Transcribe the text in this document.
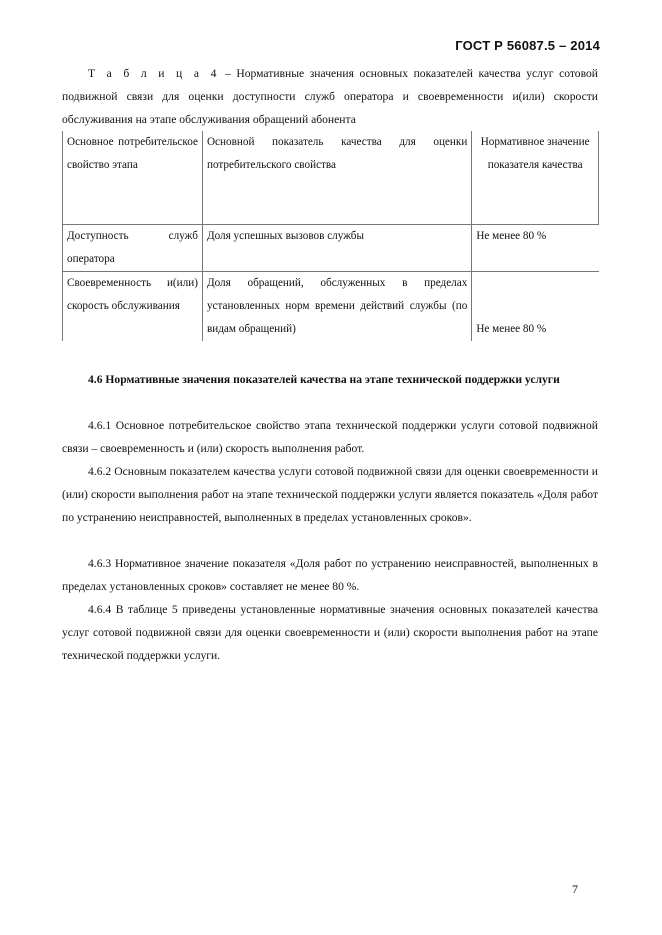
ГОСТ Р 56087.5 – 2014
Т а б л и ц а 4 – Нормативные значения основных показателей качества услуг сотовой подвижной связи для оценки доступности служб оператора и своевременности и(или) скорости обслуживания на этапе обслуживания обращений абонента
Основное потребительское свойство этапа	Основной показатель качества для оценки потребительского свойства	Нормативное значение показателя качества
Доступность служб оператора	Доля успешных вызовов службы	Не менее 80 %
Своевременность и(или) скорость обслуживания	Доля обращений, обслуженных в пределах установленных норм времени действий службы (по видам обращений)	Не менее 80 %
4.6 Нормативные значения показателей качества на этапе технической поддержки услуги
4.6.1 Основное потребительское свойство этапа технической поддержки услуги сотовой подвижной связи – своевременность и (или) скорость выполнения работ.
4.6.2 Основным показателем качества услуги сотовой подвижной связи для оценки своевременности и (или) скорости выполнения работ на этапе технической поддержки услуги является показатель «Доля работ по устранению неисправностей, выполненных в пределах установленных сроков».
4.6.3 Нормативное значение показателя «Доля работ по устранению неисправностей, выполненных в пределах установленных сроков» составляет не менее 80 %.
4.6.4 В таблице 5 приведены установленные нормативные значения основных показателей качества услуг сотовой подвижной связи для оценки своевременности и (или) скорости выполнения работ на этапе технической поддержки услуги.
7
